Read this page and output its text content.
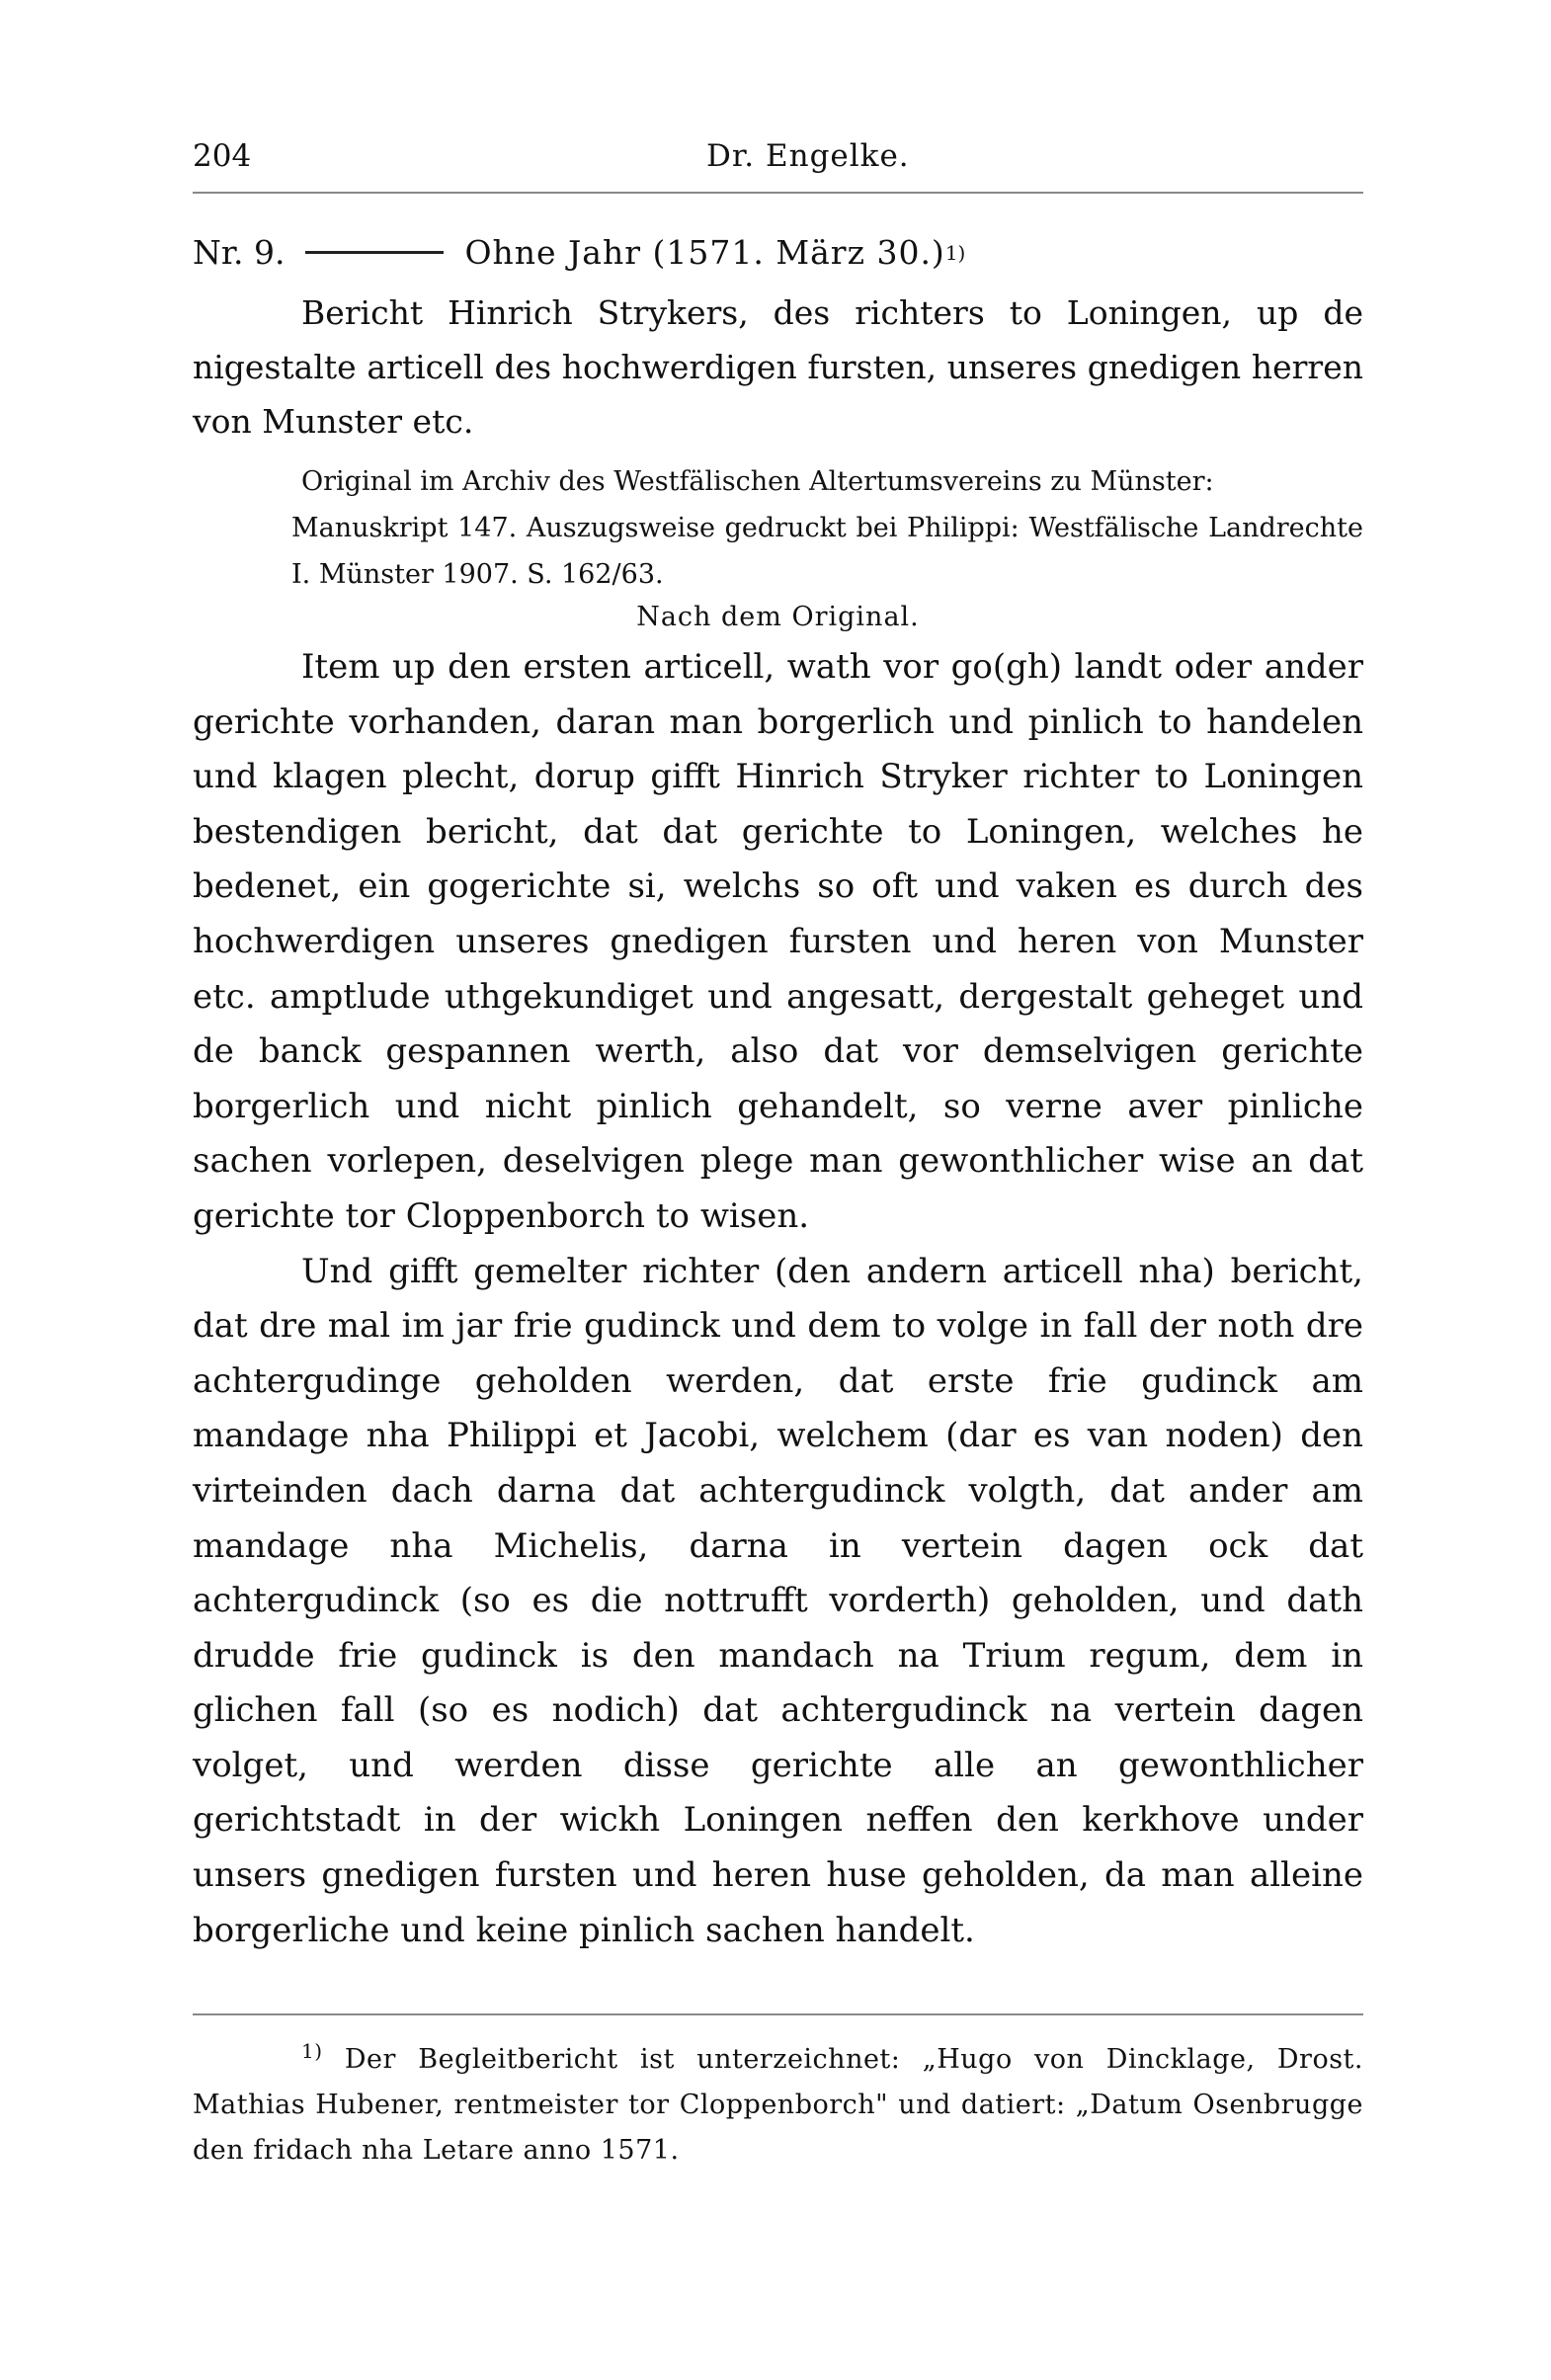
204	Dr. Engelke.
Nr. 9.	Ohne Jahr (1571. März 30.) 1)
Bericht Hinrich Strykers, des richters to Loningen, up de nigestalte articell des hochwerdigen fursten, unseres gnedigen herren von Munster etc.
Original im Archiv des Westfälischen Altertumsvereins zu Münster:
Manuskript 147. Auszugsweise gedruckt bei Philippi: Westfälische Landrechte I. Münster 1907. S. 162/63.
Nach dem Original.

Item up den ersten articell, wath vor go(gh) landt oder ander gerichte vorhanden, daran man borgerlich und pinlich to handelen und klagen plecht, dorup gifft Hinrich Stryker richter to Loningen bestendigen bericht, dat dat gerichte to Loningen, welches he bedenet, ein gogerichte si, welchs so oft und vaken es durch des hochwerdigen unseres gnedigen fursten und heren von Munster etc. amptlude uthgekundiget und angesatt, dergestalt geheget und de banck gespannen werth, also dat vor demselvigen gerichte borgerlich und nicht pinlich gehandelt, so verne aver pinliche sachen vorlepen, deselvigen plege man gewonthlicher wise an dat gerichte tor Cloppenborch to wisen.

Und gifft gemelter richter (den andern articell nha) bericht, dat dre mal im jar frie gudinck und dem to volge in fall der noth dre achtergudinge geholden werden, dat erste frie gudinck am mandage nha Philippi et Jacobi, welchem (dar es van noden) den virteinden dach darna dat achtergudinck volgth, dat ander am mandage nha Michelis, darna in vertein dagen ock dat achtergudinck (so es die nottrufft vorderth) geholden, und dath drudde frie gudinck is den mandach na Trium regum, dem in glichen fall (so es nodich) dat achtergudinck na vertein dagen volget, und werden disse gerichte alle an gewonthlicher gerichtstadt in der wickh Loningen neffen den kerkhove under unsers gnedigen fursten und heren huse geholden, da man alleine borgerliche und keine pinlich sachen handelt.

$^{1)}$ Der Begleitbericht ist unterzeichnet: „Hugo von Dincklage, Drost. Mathias Hubener, rentmeister tor Cloppenborch" und datiert: „Datum Osenbrugge den fridach nha Letare anno 1571.
